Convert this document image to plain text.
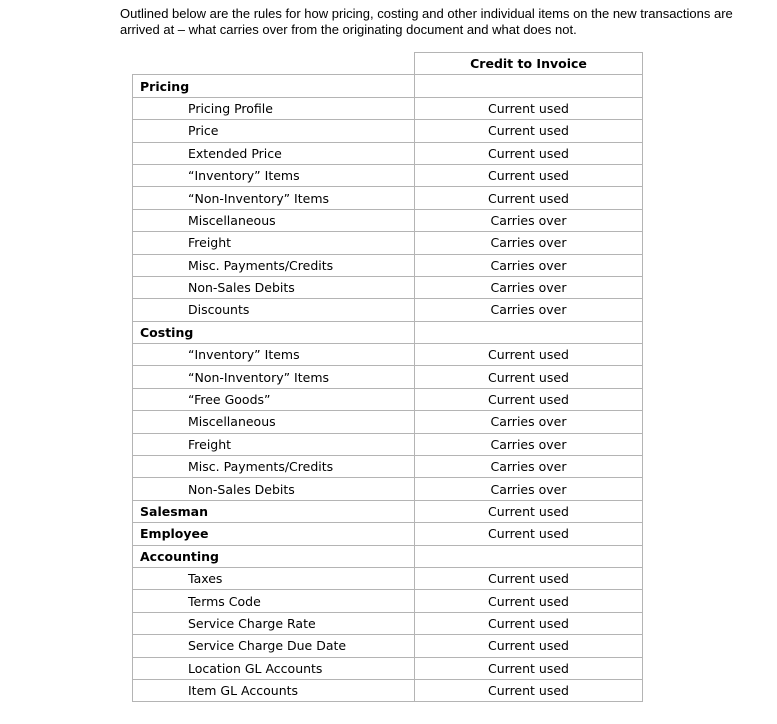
Outlined below are the rules for how pricing, costing and other individual items on the new transactions are arrived at – what carries over from the originating document and what does not.

	Credit to Invoice
Pricing	
Pricing Profile	Current used
Price	Current used
Extended Price	Current used
“Inventory” Items	Current used
“Non-Inventory” Items	Current used
Miscellaneous	Carries over
Freight	Carries over
Misc. Payments/Credits	Carries over
Non-Sales Debits	Carries over
Discounts	Carries over
Costing	
“Inventory” Items	Current used
“Non-Inventory” Items	Current used
“Free Goods”	Current used
Miscellaneous	Carries over
Freight	Carries over
Misc. Payments/Credits	Carries over
Non-Sales Debits	Carries over
Salesman	Current used
Employee	Current used
Accounting	
Taxes	Current used
Terms Code	Current used
Service Charge Rate	Current used
Service Charge Due Date	Current used
Location GL Accounts	Current used
Item GL Accounts	Current used
